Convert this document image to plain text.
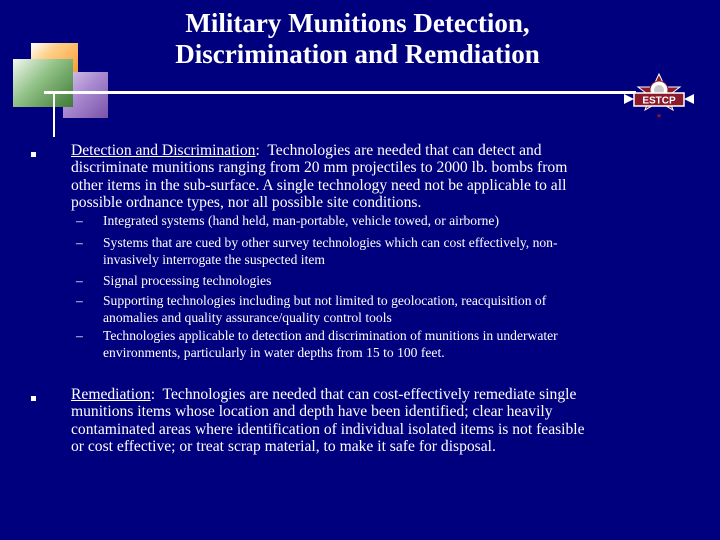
Military Munitions Detection,
Discrimination and Remdiation
ESTCP
★
Detection and Discrimination:  Technologies are needed that can detect and
discriminate munitions ranging from 20 mm projectiles to 2000 lb. bombs from
other items in the sub-surface. A single technology need not be applicable to all
possible ordnance types, nor all possible site conditions.
– Integrated systems (hand held, man-portable, vehicle towed, or airborne)
– Systems that are cued by other survey technologies which can cost effectively, non-
invasively interrogate the suspected item
– Signal processing technologies
– Supporting technologies including but not limited to geolocation, reacquisition of
anomalies and quality assurance/quality control tools
– Technologies applicable to detection and discrimination of munitions in underwater
environments, particularly in water depths from 15 to 100 feet.
Remediation:  Technologies are needed that can cost-effectively remediate single
munitions items whose location and depth have been identified; clear heavily
contaminated areas where identification of individual isolated items is not feasible
or cost effective; or treat scrap material, to make it safe for disposal.
